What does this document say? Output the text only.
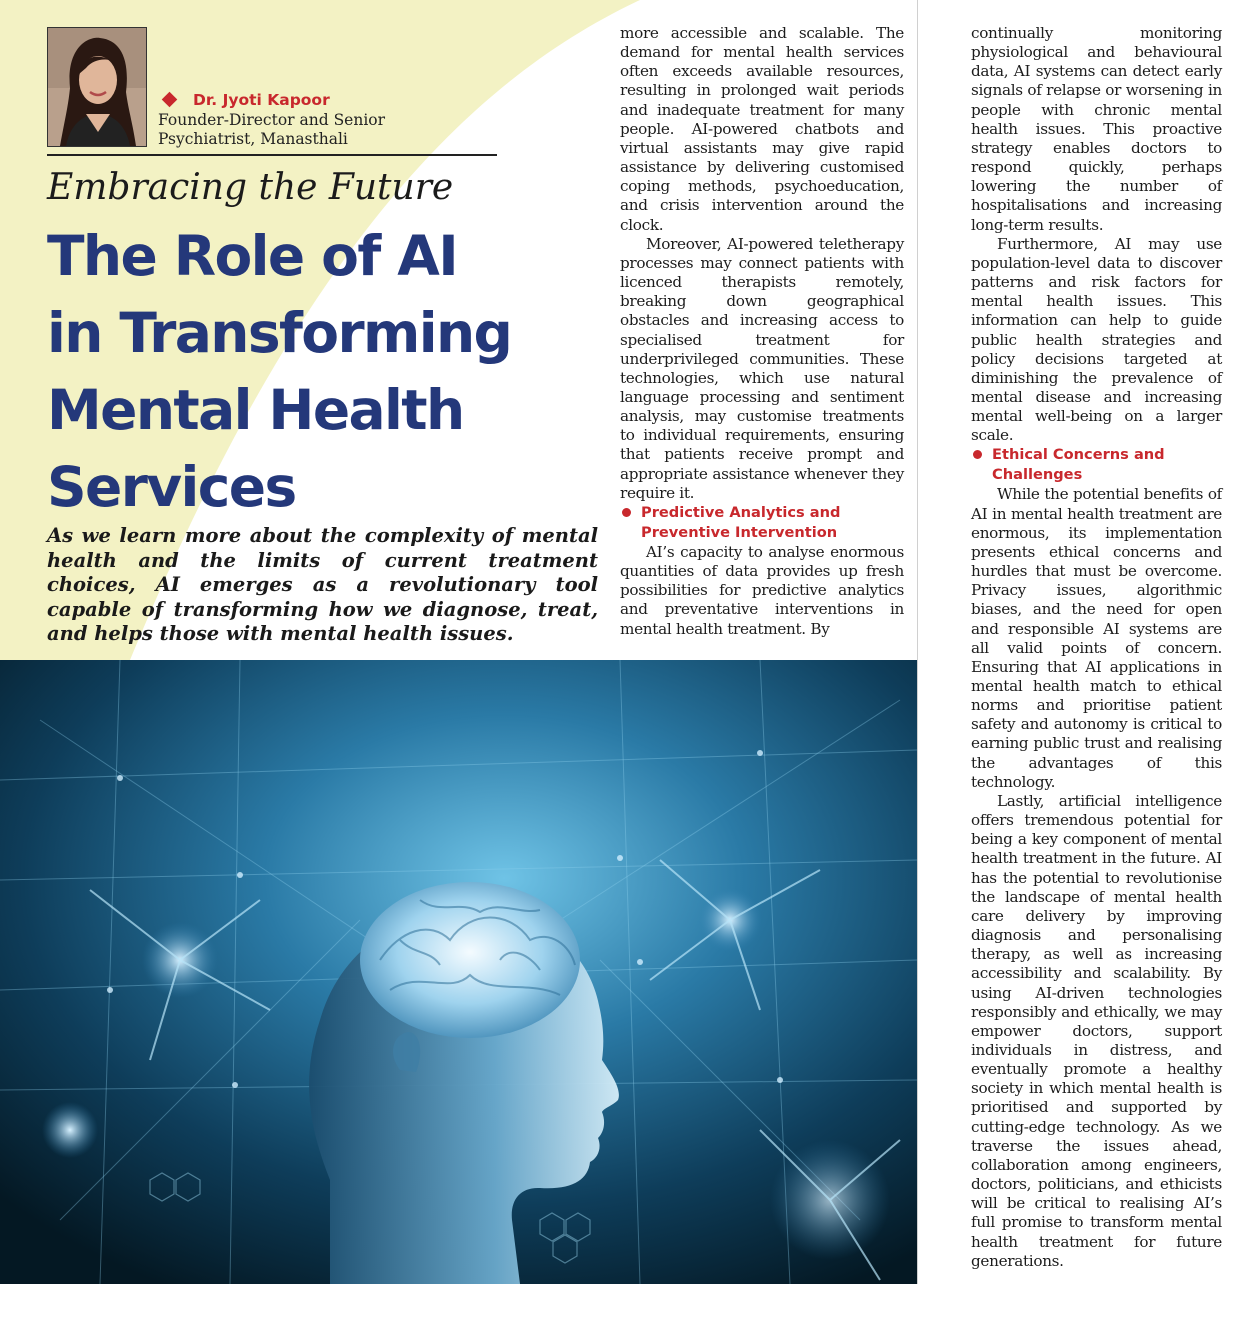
Dr. Jyoti Kapoor
Founder-Director and Senior
Psychiatrist, Manasthali
Embracing the Future
The Role of AI
in Transforming
Mental Health
Services
As we learn more about the complexity of mental health and the limits of current treatment choices, AI emerges as a revolutionary tool capable of transforming how we diagnose, treat, and helps those with mental health issues.

more accessible and scalable. The demand for mental health services often exceeds available resources, resulting in prolonged wait periods and inadequate treatment for many people. AI-powered chatbots and virtual assistants may give rapid assistance by delivering customised coping methods, psychoeducation, and crisis intervention around the clock.

Moreover, AI-powered teletherapy processes may connect patients with licenced therapists remotely, breaking down geographical obstacles and increasing access to specialised treatment for underprivileged communities. These technologies, which use natural language processing and sentiment analysis, may customise treatments to individual requirements, ensuring that patients receive prompt and appropriate assistance whenever they require it.

Predictive Analytics and
Preventive Intervention

AI’s capacity to analyse enormous quantities of data provides up fresh possibilities for predictive analytics and preventative interventions in mental health treatment. By

continually monitoring physiological and behavioural data, AI systems can detect early signals of relapse or worsening in people with chronic mental health issues. This proactive strategy enables doctors to respond quickly, perhaps lowering the number of hospitalisations and increasing long-term results.

Furthermore, AI may use population-level data to discover patterns and risk factors for mental health issues. This information can help to guide public health strategies and policy decisions targeted at diminishing the prevalence of mental disease and increasing mental well-being on a larger scale.

Ethical Concerns and
Challenges

While the potential benefits of AI in mental health treatment are enormous, its implementation presents ethical concerns and hurdles that must be overcome. Privacy issues, algorithmic biases, and the need for open and responsible AI systems are all valid points of concern. Ensuring that AI applications in mental health match to ethical norms and prioritise patient safety and autonomy is critical to earning public trust and realising the advantages of this technology.

Lastly, artificial intelligence offers tremendous potential for being a key component of mental health treatment in the future. AI has the potential to revolutionise the landscape of mental health care delivery by improving diagnosis and personalising therapy, as well as increasing accessibility and scalability. By using AI-driven technologies responsibly and ethically, we may empower doctors, support individuals in distress, and eventually promote a healthy society in which mental health is prioritised and supported by cutting-edge technology. As we traverse the issues ahead, collaboration among engineers, doctors, politicians, and ethicists will be critical to realising AI’s full promise to transform mental health treatment for future generations.
